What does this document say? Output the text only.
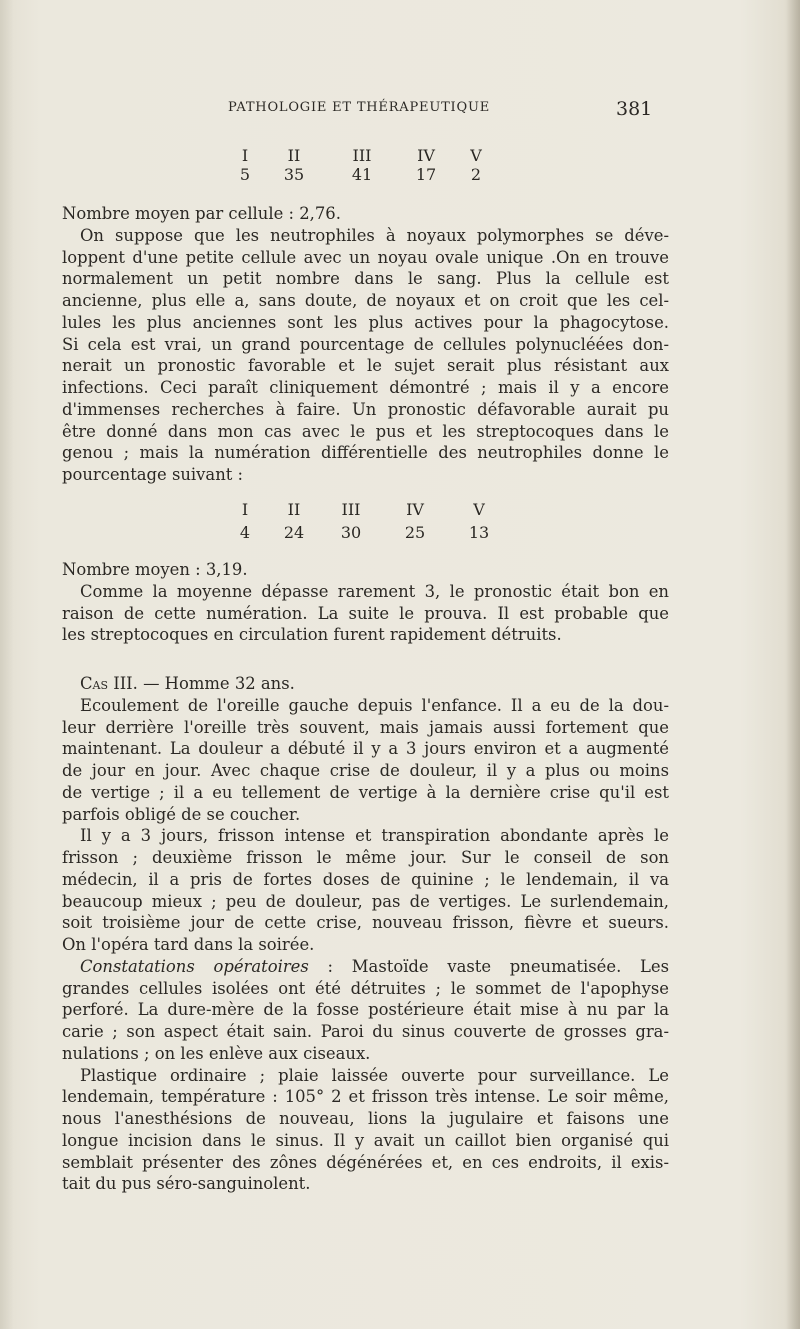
PATHOLOGIE ET THÉRAPEUTIQUE	381
I	II	III	IV	V
5	35	41	17	2
Nombre moyen par cellule : 2,76.
On suppose que les neutrophiles à noyaux polymorphes se déve-
loppent d'une petite cellule avec un noyau ovale unique .On en trouve
normalement un petit nombre dans le sang. Plus la cellule est
ancienne, plus elle a, sans doute, de noyaux et on croit que les cel-
lules les plus anciennes sont les plus actives pour la phagocytose.
Si cela est vrai, un grand pourcentage de cellules polynucléées don-
nerait un pronostic favorable et le sujet serait plus résistant aux
infections. Ceci paraît cliniquement démontré ; mais il y a encore
d'immenses recherches à faire. Un pronostic défavorable aurait pu
être donné dans mon cas avec le pus et les streptocoques dans le
genou ; mais la numération différentielle des neutrophiles donne le
pourcentage suivant :
I	II	III	IV	V
4	24	30	25	13
Nombre moyen : 3,19.
Comme la moyenne dépasse rarement 3, le pronostic était bon en
raison de cette numération. La suite le prouva. Il est probable que
les streptocoques en circulation furent rapidement détruits.
Cas III. — Homme 32 ans.
Ecoulement de l'oreille gauche depuis l'enfance. Il a eu de la dou-
leur derrière l'oreille très souvent, mais jamais aussi fortement que
maintenant. La douleur a débuté il y a 3 jours environ et a augmenté
de jour en jour. Avec chaque crise de douleur, il y a plus ou moins
de vertige ; il a eu tellement de vertige à la dernière crise qu'il est
parfois obligé de se coucher.
Il y a 3 jours, frisson intense et transpiration abondante après le
frisson ; deuxième frisson le même jour. Sur le conseil de son
médecin, il a pris de fortes doses de quinine ; le lendemain, il va
beaucoup mieux ; peu de douleur, pas de vertiges. Le surlendemain,
soit troisième jour de cette crise, nouveau frisson, fièvre et sueurs.
On l'opéra tard dans la soirée.
Constatations opératoires : Mastoïde vaste pneumatisée. Les
grandes cellules isolées ont été détruites ; le sommet de l'apophyse
perforé. La dure-mère de la fosse postérieure était mise à nu par la
carie ; son aspect était sain. Paroi du sinus couverte de grosses gra-
nulations ; on les enlève aux ciseaux.
Plastique ordinaire ; plaie laissée ouverte pour surveillance. Le
lendemain, température : 105° 2 et frisson très intense. Le soir même,
nous l'anesthésions de nouveau, lions la jugulaire et faisons une
longue incision dans le sinus. Il y avait un caillot bien organisé qui
semblait présenter des zônes dégénérées et, en ces endroits, il exis-
tait du pus séro-sanguinolent.
